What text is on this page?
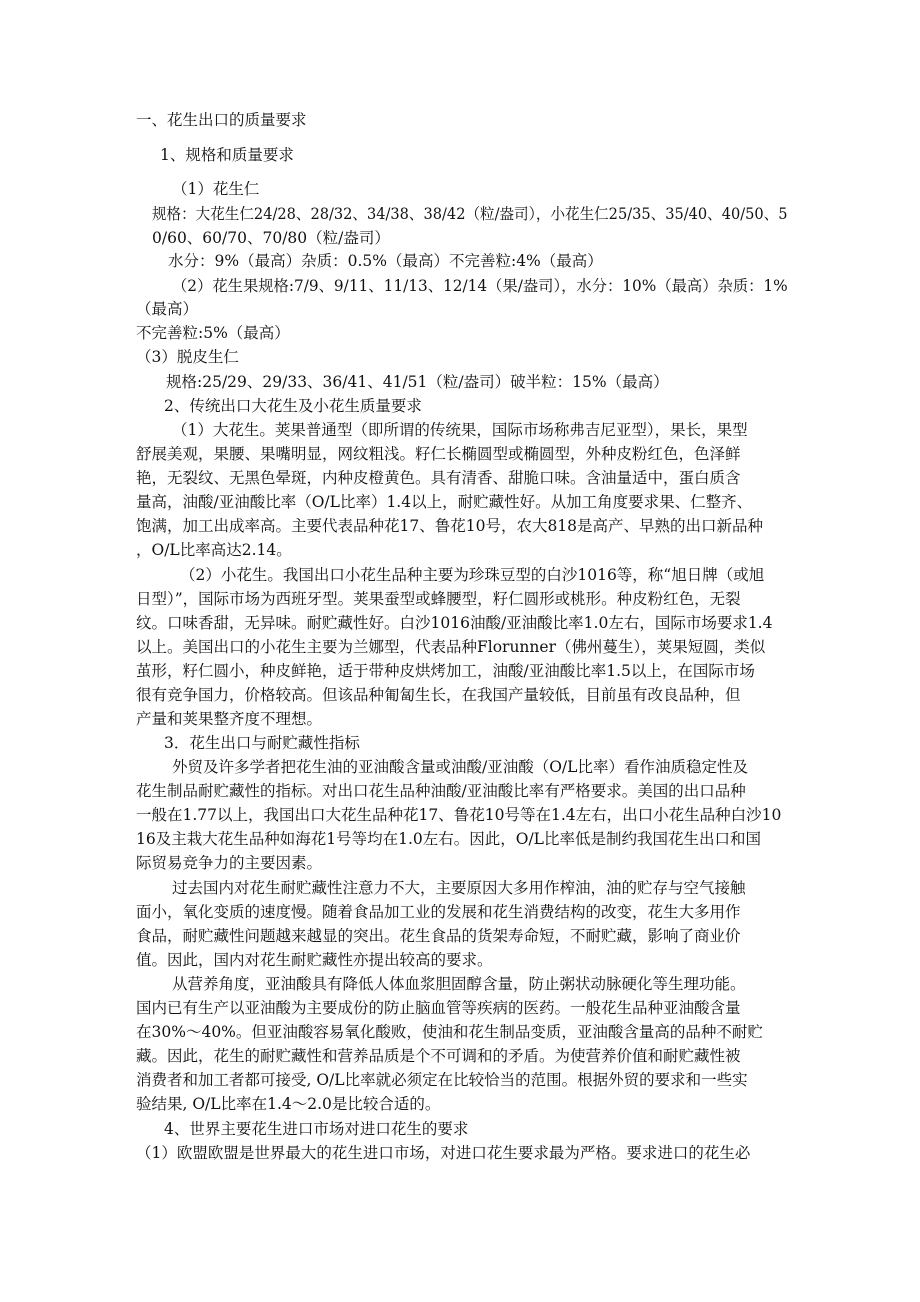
一、花生出口的质量要求
1、规格和质量要求
（1）花生仁
规格：大花生仁24/28、28/32、34/38、38/42（粒/盎司），小花生仁25/35、35/40、40/50、5
0/60、60/70、70/80（粒/盎司）
水分：9%（最高）杂质：0.5%（最高）不完善粒:4%（最高）
（2）花生果规格:7/9、9/11、11/13、12/14（果/盎司），水分：10%（最高）杂质：1%
（最高）
不完善粒:5%（最高）
（3）脱皮生仁
规格:25/29、29/33、36/41、41/51（粒/盎司）破半粒：15%（最高）
2、传统出口大花生及小花生质量要求
（1）大花生。荚果普通型（即所谓的传统果，国际市场称弗吉尼亚型），果长，果型
舒展美观，果腰、果嘴明显，网纹粗浅。籽仁长椭圆型或椭圆型，外种皮粉红色，色泽鲜
艳，无裂纹、无黑色晕斑，内种皮橙黄色。具有清香、甜脆口味。含油量适中，蛋白质含
量高，油酸/亚油酸比率（O/L比率）1.4以上，耐贮藏性好。从加工角度要求果、仁整齐、
饱满，加工出成率高。主要代表品种花17、鲁花10号，农大818是高产、早熟的出口新品种
，O/L比率高达2.14。
（2）小花生。我国出口小花生品种主要为珍珠豆型的白沙1016等，称“旭日牌（或旭
日型）”，国际市场为西班牙型。荚果蚕型或蜂腰型，籽仁圆形或桃形。种皮粉红色，无裂
纹。口味香甜，无异味。耐贮藏性好。白沙1016油酸/亚油酸比率1.0左右，国际市场要求1.4
以上。美国出口的小花生主要为兰娜型，代表品种Florunner（佛州蔓生），荚果短圆，类似
茧形，籽仁圆小，种皮鲜艳，适于带种皮烘烤加工，油酸/亚油酸比率1.5以上，在国际市场
很有竞争国力，价格较高。但该品种匍匐生长，在我国产量较低，目前虽有改良品种，但
产量和荚果整齐度不理想。
3．花生出口与耐贮藏性指标
外贸及许多学者把花生油的亚油酸含量或油酸/亚油酸（O/L比率）看作油质稳定性及
花生制品耐贮藏性的指标。对出口花生品种油酸/亚油酸比率有严格要求。美国的出口品种
一般在1.77以上，我国出口大花生品种花17、鲁花10号等在1.4左右，出口小花生品种白沙10
16及主栽大花生品种如海花1号等均在1.0左右。因此，O/L比率低是制约我国花生出口和国
际贸易竞争力的主要因素。
过去国内对花生耐贮藏性注意力不大，主要原因大多用作榨油，油的贮存与空气接触
面小，氧化变质的速度慢。随着食品加工业的发展和花生消费结构的改变，花生大多用作
食品，耐贮藏性问题越来越显的突出。花生食品的货架寿命短，不耐贮藏，影响了商业价
值。因此，国内对花生耐贮藏性亦提出较高的要求。
从营养角度，亚油酸具有降低人体血浆胆固醇含量，防止粥状动脉硬化等生理功能。
国内已有生产以亚油酸为主要成份的防止脑血管等疾病的医药。一般花生品种亚油酸含量
在30%～40%。但亚油酸容易氧化酸败，使油和花生制品变质，亚油酸含量高的品种不耐贮
藏。因此，花生的耐贮藏性和营养品质是个不可调和的矛盾。为使营养价值和耐贮藏性被
消费者和加工者都可接受, O/L比率就必须定在比较恰当的范围。根据外贸的要求和一些实
验结果, O/L比率在1.4～2.0是比较合适的。
4、世界主要花生进口市场对进口花生的要求
（1）欧盟欧盟是世界最大的花生进口市场，对进口花生要求最为严格。要求进口的花生必
